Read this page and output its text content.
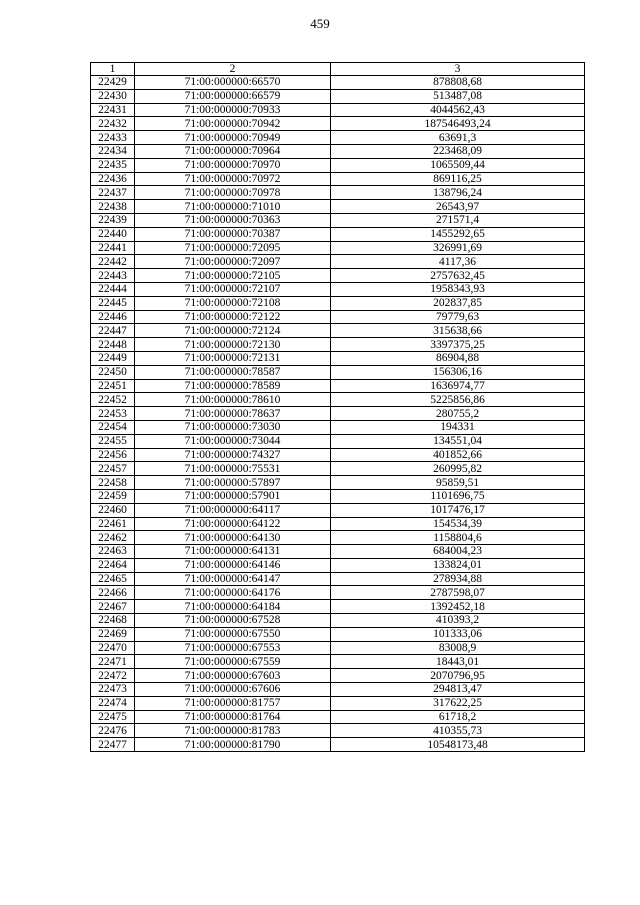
459
1	2	3
22429	71:00:000000:66570	878808,68
22430	71:00:000000:66579	513487,08
22431	71:00:000000:70933	4044562,43
22432	71:00:000000:70942	187546493,24
22433	71:00:000000:70949	63691,3
22434	71:00:000000:70964	223468,09
22435	71:00:000000:70970	1065509,44
22436	71:00:000000:70972	869116,25
22437	71:00:000000:70978	138796,24
22438	71:00:000000:71010	26543,97
22439	71:00:000000:70363	271571,4
22440	71:00:000000:70387	1455292,65
22441	71:00:000000:72095	326991,69
22442	71:00:000000:72097	4117,36
22443	71:00:000000:72105	2757632,45
22444	71:00:000000:72107	1958343,93
22445	71:00:000000:72108	202837,85
22446	71:00:000000:72122	79779,63
22447	71:00:000000:72124	315638,66
22448	71:00:000000:72130	3397375,25
22449	71:00:000000:72131	86904,88
22450	71:00:000000:78587	156306,16
22451	71:00:000000:78589	1636974,77
22452	71:00:000000:78610	5225856,86
22453	71:00:000000:78637	280755,2
22454	71:00:000000:73030	194331
22455	71:00:000000:73044	134551,04
22456	71:00:000000:74327	401852,66
22457	71:00:000000:75531	260995,82
22458	71:00:000000:57897	95859,51
22459	71:00:000000:57901	1101696,75
22460	71:00:000000:64117	1017476,17
22461	71:00:000000:64122	154534,39
22462	71:00:000000:64130	1158804,6
22463	71:00:000000:64131	684004,23
22464	71:00:000000:64146	133824,01
22465	71:00:000000:64147	278934,88
22466	71:00:000000:64176	2787598,07
22467	71:00:000000:64184	1392452,18
22468	71:00:000000:67528	410393,2
22469	71:00:000000:67550	101333,06
22470	71:00:000000:67553	83008,9
22471	71:00:000000:67559	18443,01
22472	71:00:000000:67603	2070796,95
22473	71:00:000000:67606	294813,47
22474	71:00:000000:81757	317622,25
22475	71:00:000000:81764	61718,2
22476	71:00:000000:81783	410355,73
22477	71:00:000000:81790	10548173,48
